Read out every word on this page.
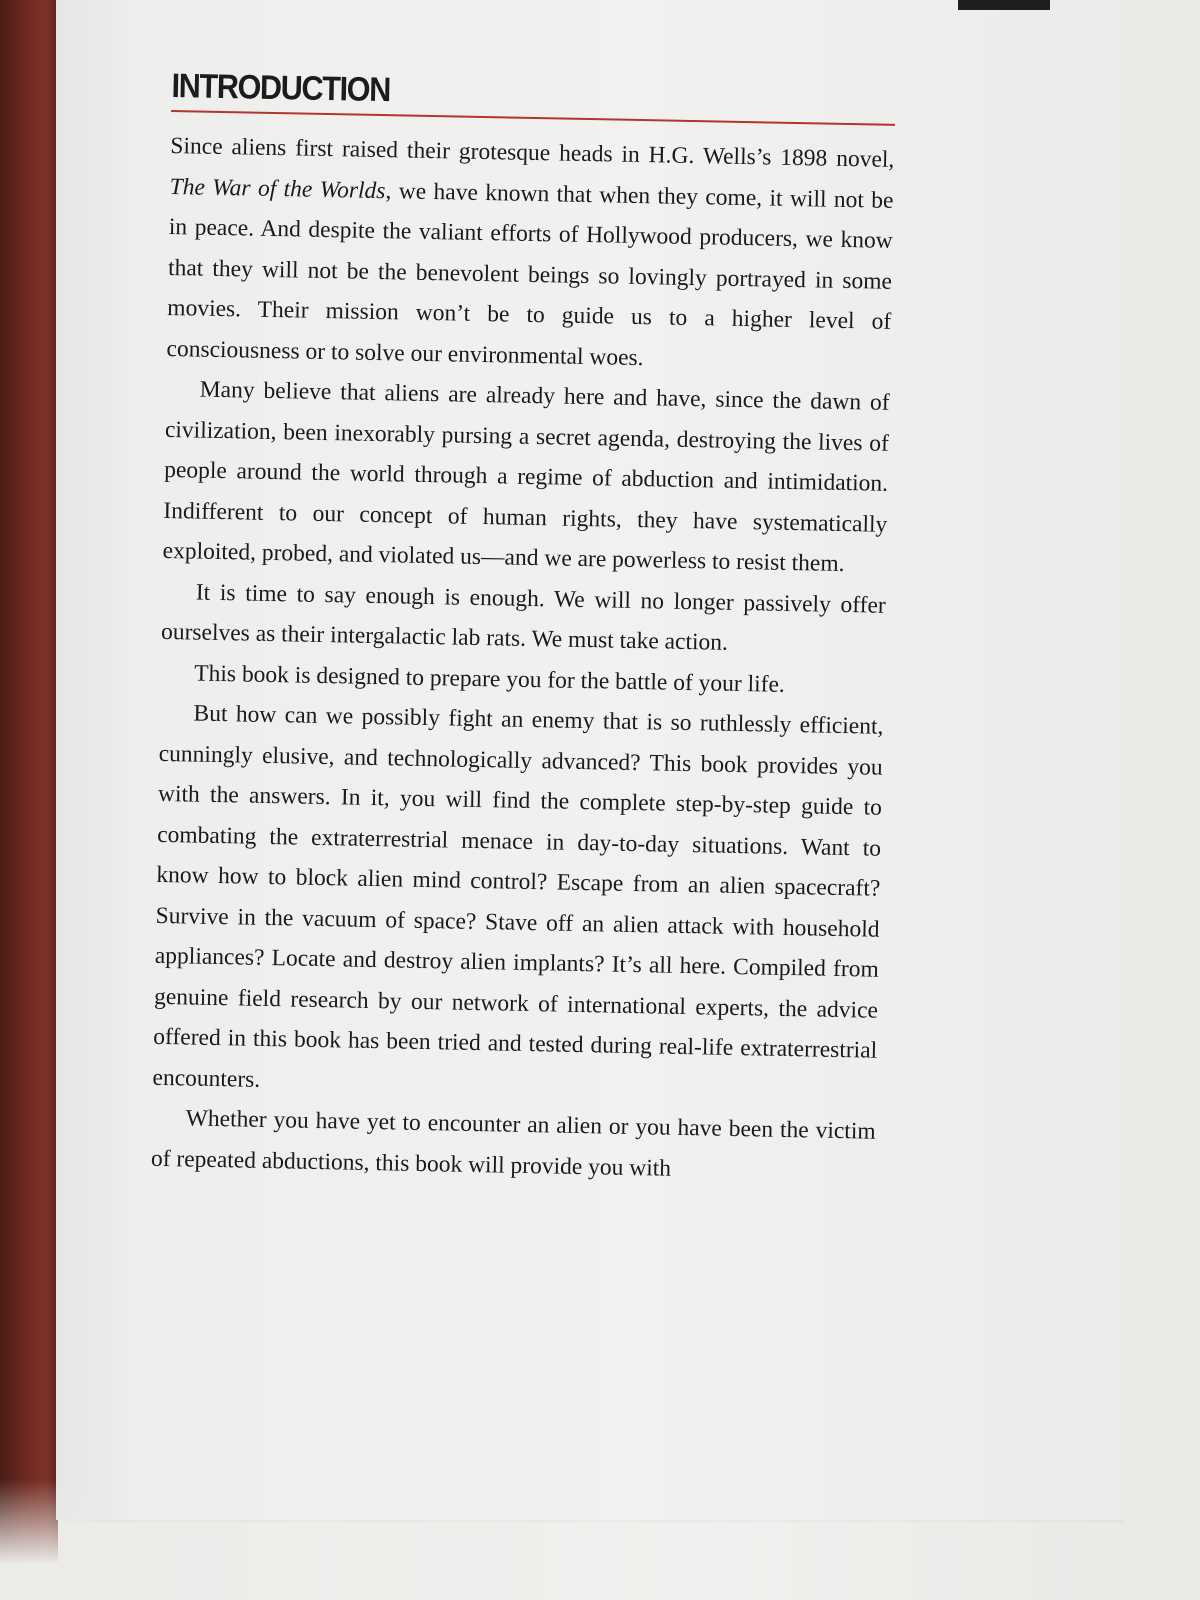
INTRODUCTION

Since aliens first raised their grotesque heads in H.G. Wells’s 1898 novel, The War of the Worlds, we have known that when they come, it will not be in peace. And despite the valiant efforts of Hollywood producers, we know that they will not be the benevolent beings so lovingly portrayed in some movies. Their mission won’t be to guide us to a higher level of consciousness or to solve our environmental woes.

Many believe that aliens are already here and have, since the dawn of civilization, been inexorably pursing a secret agenda, destroying the lives of people around the world through a regime of abduction and intimidation. Indifferent to our concept of human rights, they have systematically exploited, probed, and violated us—and we are powerless to resist them.

It is time to say enough is enough. We will no longer passively offer ourselves as their intergalactic lab rats. We must take action.

This book is designed to prepare you for the battle of your life.

But how can we possibly fight an enemy that is so ruthlessly efficient, cunningly elusive, and technologically advanced? This book provides you with the answers. In it, you will find the complete step-by-step guide to combating the extraterrestrial menace in day-to-day situations. Want to know how to block alien mind control? Escape from an alien spacecraft? Survive in the vacuum of space? Stave off an alien attack with household appliances? Locate and destroy alien implants? It’s all here. Compiled from genuine field research by our network of international experts, the advice offered in this book has been tried and tested during real-life extraterrestrial encounters.

Whether you have yet to encounter an alien or you have been the victim of repeated abductions, this book will provide you with
